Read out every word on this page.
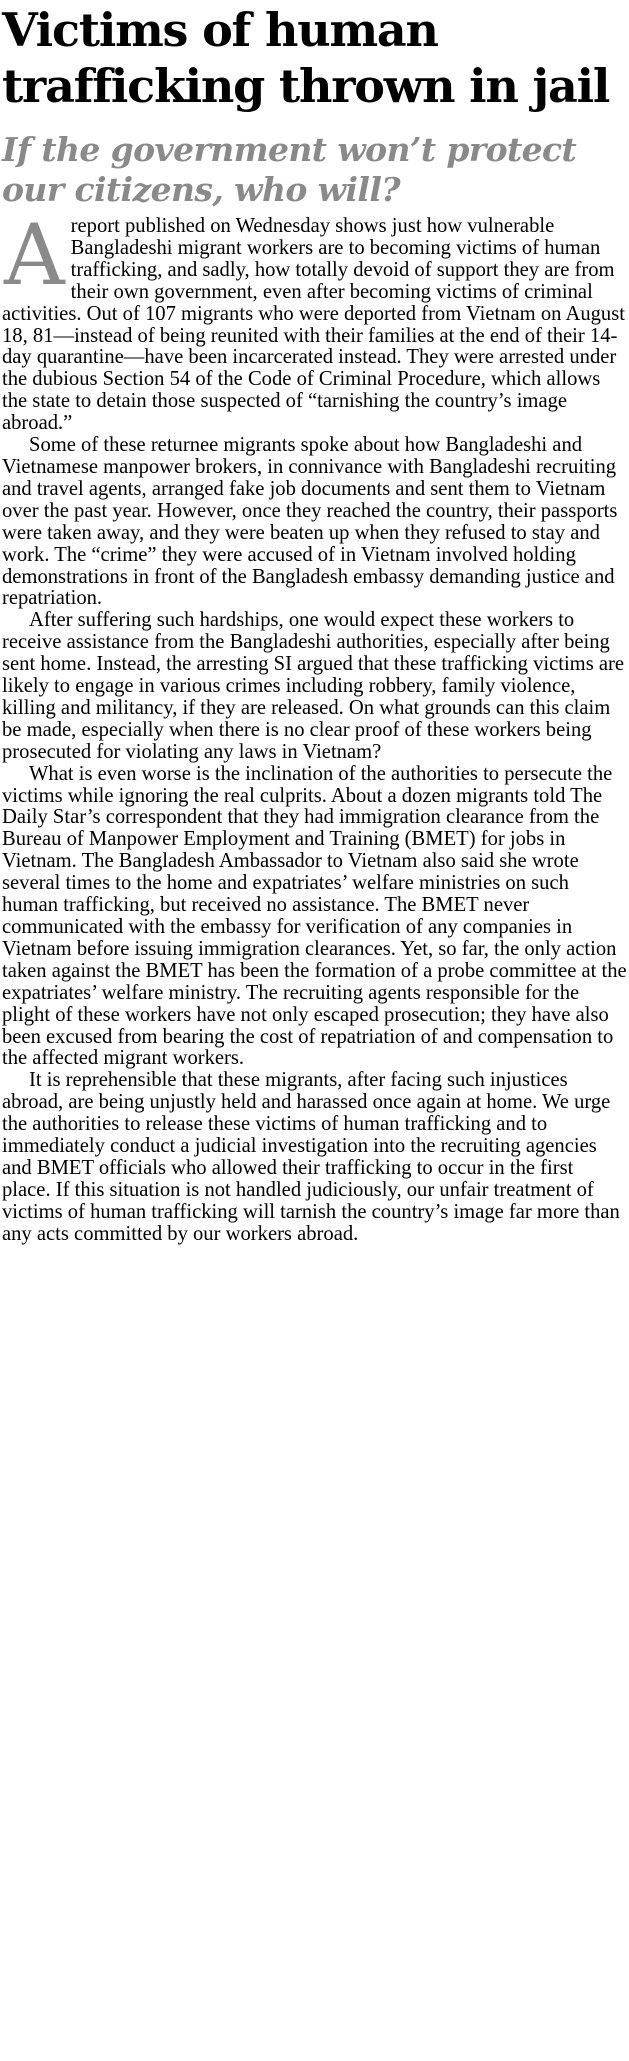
Victims of human trafficking thrown in jail
If the government won’t protect our citizens, who will?

A report published on Wednesday shows just how vulnerable Bangladeshi migrant workers are to becoming victims of human trafficking, and sadly, how totally devoid of support they are from their own government, even after becoming victims of criminal activities. Out of 107 migrants who were deported from Vietnam on August 18, 81—instead of being reunited with their families at the end of their 14-day quarantine—have been incarcerated instead. They were arrested under the dubious Section 54 of the Code of Criminal Procedure, which allows the state to detain those suspected of “tarnishing the country’s image abroad.”

Some of these returnee migrants spoke about how Bangladeshi and Vietnamese manpower brokers, in connivance with Bangladeshi recruiting and travel agents, arranged fake job documents and sent them to Vietnam over the past year. However, once they reached the country, their passports were taken away, and they were beaten up when they refused to stay and work. The “crime” they were accused of in Vietnam involved holding demonstrations in front of the Bangladesh embassy demanding justice and repatriation.

After suffering such hardships, one would expect these workers to receive assistance from the Bangladeshi authorities, especially after being sent home. Instead, the arresting SI argued that these trafficking victims are likely to engage in various crimes including robbery, family violence, killing and militancy, if they are released. On what grounds can this claim be made, especially when there is no clear proof of these workers being prosecuted for violating any laws in Vietnam?

What is even worse is the inclination of the authorities to persecute the victims while ignoring the real culprits. About a dozen migrants told The Daily Star’s correspondent that they had immigration clearance from the Bureau of Manpower Employment and Training (BMET) for jobs in Vietnam. The Bangladesh Ambassador to Vietnam also said she wrote several times to the home and expatriates’ welfare ministries on such human trafficking, but received no assistance. The BMET never communicated with the embassy for verification of any companies in Vietnam before issuing immigration clearances. Yet, so far, the only action taken against the BMET has been the formation of a probe committee at the expatriates’ welfare ministry. The recruiting agents responsible for the plight of these workers have not only escaped prosecution; they have also been excused from bearing the cost of repatriation of and compensation to the affected migrant workers.

It is reprehensible that these migrants, after facing such injustices abroad, are being unjustly held and harassed once again at home. We urge the authorities to release these victims of human trafficking and to immediately conduct a judicial investigation into the recruiting agencies and BMET officials who allowed their trafficking to occur in the first place. If this situation is not handled judiciously, our unfair treatment of victims of human trafficking will tarnish the country’s image far more than any acts committed by our workers abroad.
